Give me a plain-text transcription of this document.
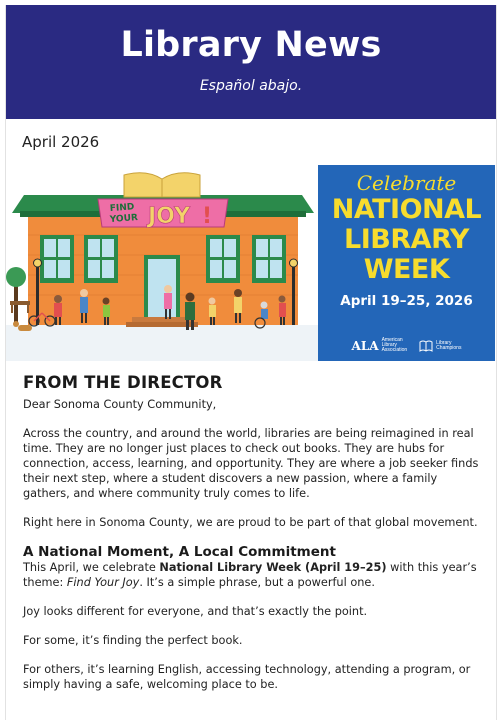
Library News
Español abajo.
April 2026
FIND
YOUR JOY !
Celebrate
NATIONAL
LIBRARY
WEEK
April 19–25, 2026
ALA American
Library
Association
Library
Champions
FROM THE DIRECTOR

Dear Sonoma County Community,

Across the country, and around the world, libraries are being reimagined in real time. They are no longer just places to check out books. They are hubs for connection, access, learning, and opportunity. They are where a job seeker finds their next step, where a student discovers a new passion, where a family gathers, and where community truly comes to life.

Right here in Sonoma County, we are proud to be part of that global movement.

A National Moment, A Local Commitment

This April, we celebrate National Library Week (April 19–25) with this year’s theme: Find Your Joy. It’s a simple phrase, but a powerful one.

Joy looks different for everyone, and that’s exactly the point.

For some, it’s finding the perfect book.

For others, it’s learning English, accessing technology, attending a program, or simply having a safe, welcoming place to be.
